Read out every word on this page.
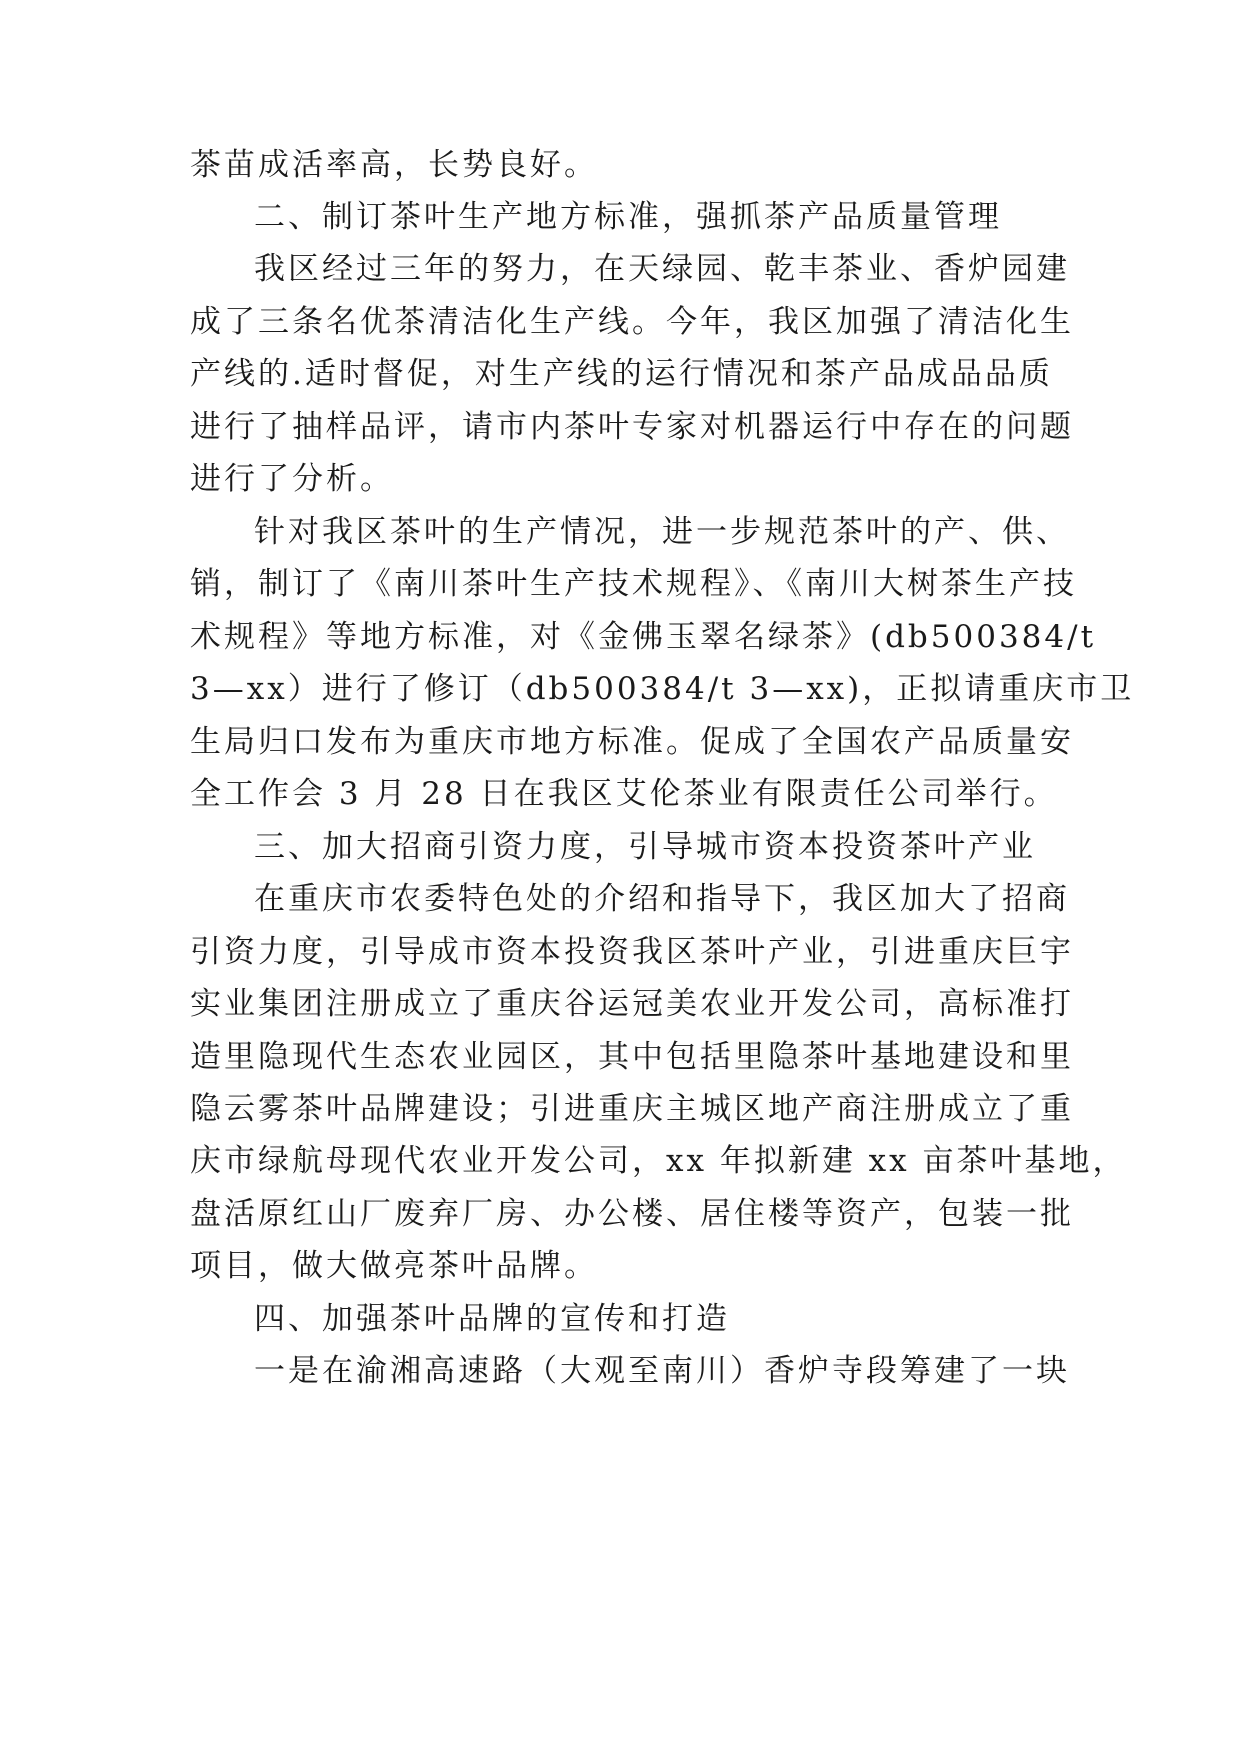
茶苗成活率高，长势良好。
二、制订茶叶生产地方标准，强抓茶产品质量管理
我区经过三年的努力，在天绿园、乾丰茶业、香炉园建
成了三条名优茶清洁化生产线。今年，我区加强了清洁化生
产线的.适时督促，对生产线的运行情况和茶产品成品品质
进行了抽样品评，请市内茶叶专家对机器运行中存在的问题
进行了分析。
针对我区茶叶的生产情况，进一步规范茶叶的产、供、
销，制订了《南川茶叶生产技术规程》、《南川大树茶生产技
术规程》等地方标准，对《金佛玉翠名绿茶》(db500384/t
3—xx）进行了修订（db500384/t 3—xx)，正拟请重庆市卫
生局归口发布为重庆市地方标准。促成了全国农产品质量安
全工作会 3 月 28 日在我区艾伦茶业有限责任公司举行。
三、加大招商引资力度，引导城市资本投资茶叶产业
在重庆市农委特色处的介绍和指导下，我区加大了招商
引资力度，引导成市资本投资我区茶叶产业，引进重庆巨宇
实业集团注册成立了重庆谷运冠美农业开发公司，高标准打
造里隐现代生态农业园区，其中包括里隐茶叶基地建设和里
隐云雾茶叶品牌建设；引进重庆主城区地产商注册成立了重
庆市绿航母现代农业开发公司，xx 年拟新建 xx 亩茶叶基地，
盘活原红山厂废弃厂房、办公楼、居住楼等资产，包装一批
项目，做大做亮茶叶品牌。
四、加强茶叶品牌的宣传和打造
一是在渝湘高速路（大观至南川）香炉寺段筹建了一块
